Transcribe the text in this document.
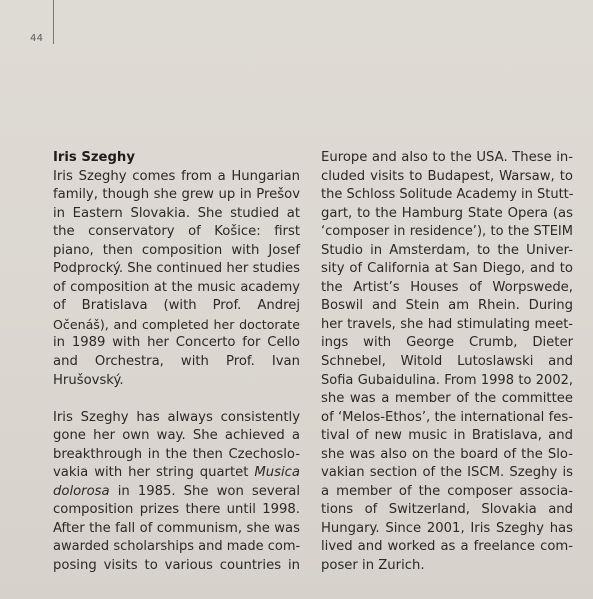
44
Iris Szeghy
Iris Szeghy comes from a Hungarian
family, though she grew up in Prešov
in Eastern Slovakia. She studied at
the conservatory of Košice: first
piano, then composition with Josef
Podprocký. She continued her studies
of composition at the music academy
of Bratislava (with Prof. Andrej
Očenáš), and completed her doctorate
in 1989 with her Concerto for Cello
and Orchestra, with Prof. Ivan
Hrušovský.
Iris Szeghy has always consistently
gone her own way. She achieved a
breakthrough in the then Czechoslo-
vakia with her string quartet Musica
dolorosa in 1985. She won several
composition prizes there until 1998.
After the fall of communism, she was
awarded scholarships and made com-
posing visits to various countries in
Europe and also to the USA. These in-
cluded visits to Budapest, Warsaw, to
the Schloss Solitude Academy in Stutt-
gart, to the Hamburg State Opera (as
‘composer in residence’), to the STEIM
Studio in Amsterdam, to the Univer-
sity of California at San Diego, and to
the Artist’s Houses of Worpswede,
Boswil and Stein am Rhein. During
her travels, she had stimulating meet-
ings with George Crumb, Dieter
Schnebel, Witold Lutoslawski and
Sofia Gubaidulina. From 1998 to 2002,
she was a member of the committee
of ‘Melos-Ethos’, the international fes-
tival of new music in Bratislava, and
she was also on the board of the Slo-
vakian section of the ISCM. Szeghy is
a member of the composer associa-
tions of Switzerland, Slovakia and
Hungary. Since 2001, Iris Szeghy has
lived and worked as a freelance com-
poser in Zurich.
